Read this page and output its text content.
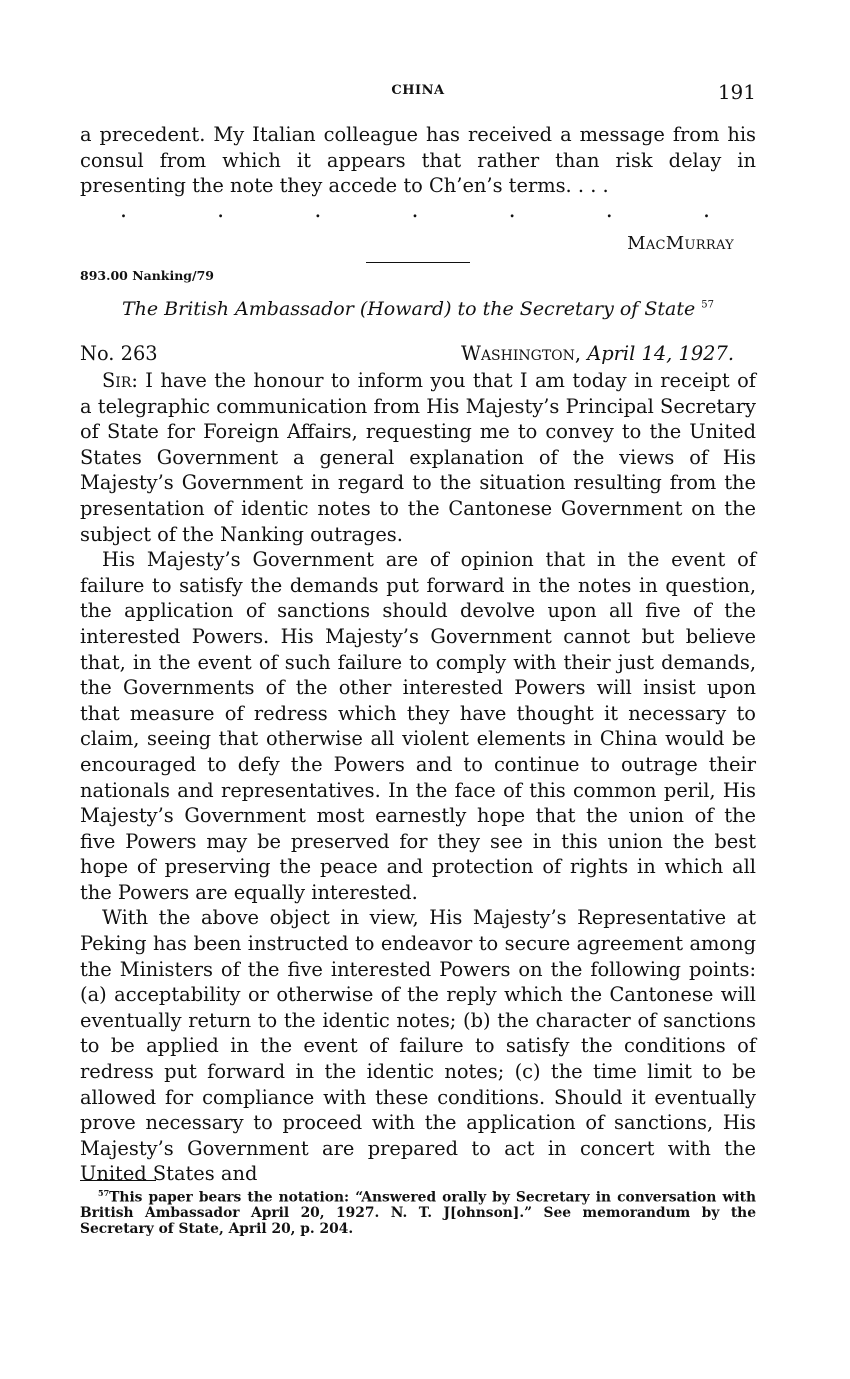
CHINA	191

a precedent. My Italian colleague has received a message from his consul from which it appears that rather than risk delay in presenting the note they accede to Ch’en’s terms. . . .

.	.	.	.	.	.	.
MacMurray
893.00 Nanking/79
The British Ambassador (Howard) to the Secretary of State $^{57}$
No. 263	Washington, April 14, 1927.

Sir: I have the honour to inform you that I am today in receipt of a telegraphic communication from His Majesty’s Principal Secretary of State for Foreign Affairs, requesting me to convey to the United States Government a general explanation of the views of His Majesty’s Government in regard to the situation resulting from the presentation of identic notes to the Cantonese Government on the subject of the Nanking outrages.

His Majesty’s Government are of opinion that in the event of failure to satisfy the demands put forward in the notes in question, the application of sanctions should devolve upon all five of the interested Powers. His Majesty’s Government cannot but believe that, in the event of such failure to comply with their just demands, the Governments of the other interested Powers will insist upon that measure of redress which they have thought it necessary to claim, seeing that otherwise all violent elements in China would be encouraged to defy the Powers and to continue to outrage their nationals and representatives. In the face of this common peril, His Majesty’s Government most earnestly hope that the union of the five Powers may be preserved for they see in this union the best hope of preserving the peace and protection of rights in which all the Powers are equally interested.

With the above object in view, His Majesty’s Representative at Peking has been instructed to endeavor to secure agreement among the Ministers of the five interested Powers on the following points: (a) acceptability or otherwise of the reply which the Cantonese will eventually return to the identic notes; (b) the character of sanctions to be applied in the event of failure to satisfy the conditions of redress put forward in the identic notes; (c) the time limit to be allowed for compliance with these conditions. Should it eventually prove necessary to proceed with the application of sanctions, His Majesty’s Government are prepared to act in concert with the United States and

$^{57}$This paper bears the notation: “Answered orally by Secretary in conversation with British Ambassador April 20, 1927. N. T. J[ohnson].” See memorandum by the Secretary of State, April 20, p. 204.
